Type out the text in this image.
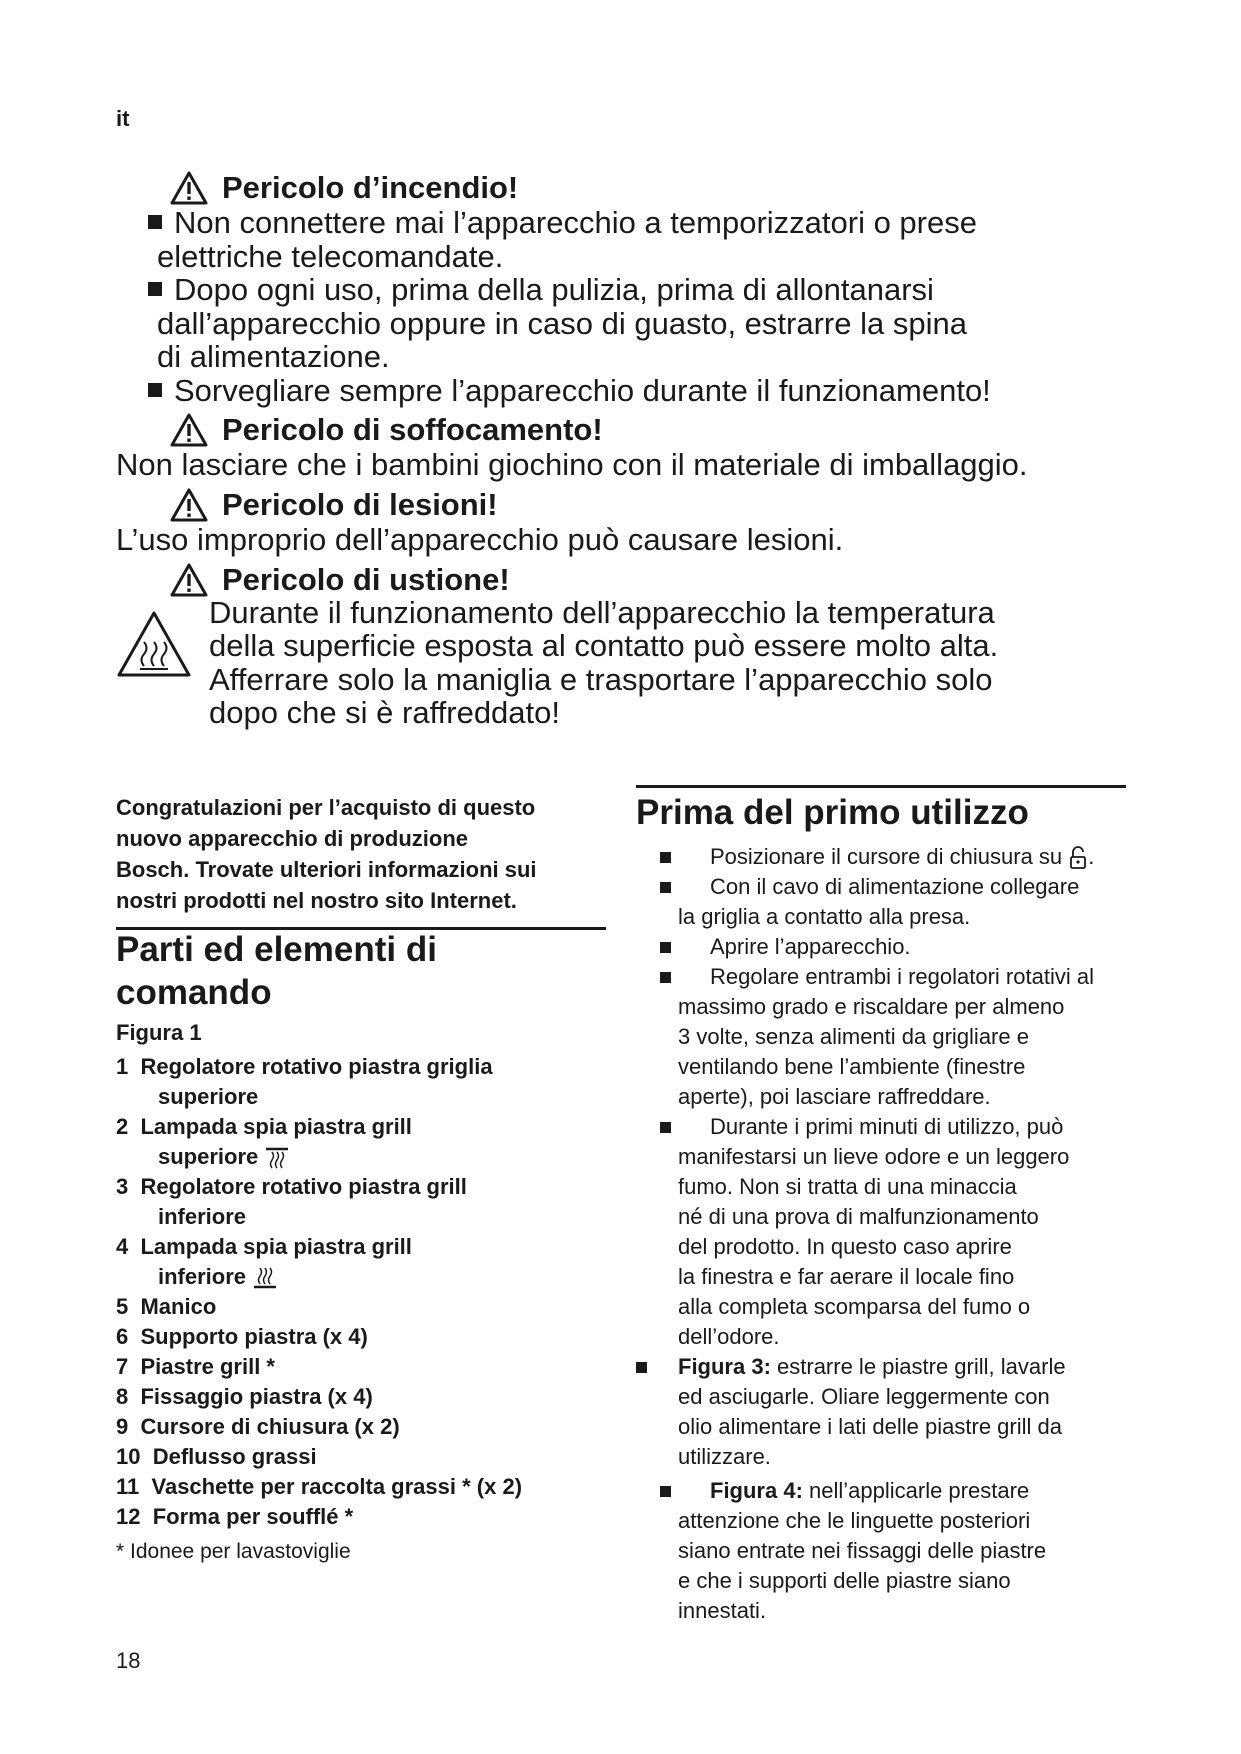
it
Pericolo d’incendio!
Non connettere mai l’apparecchio a temporizzatori o prese
elettriche telecomandate.
Dopo ogni uso, prima della pulizia, prima di allontanarsi
dall’apparecchio oppure in caso di guasto, estrarre la spina
di alimentazione.
Sorvegliare sempre l’apparecchio durante il funzionamento!
Pericolo di soffocamento!
Non lasciare che i bambini giochino con il materiale di imballaggio.
Pericolo di lesioni!
L’uso improprio dell’apparecchio può causare lesioni.
Pericolo di ustione!
Durante il funzionamento dell’apparecchio la temperatura
della superficie esposta al contatto può essere molto alta.
Afferrare solo la maniglia e trasportare l’apparecchio solo
dopo che si è raffreddato!
Congratulazioni per l’acquisto di questo
nuovo apparecchio di produzione
Bosch. Trovate ulteriori informazioni sui
nostri prodotti nel nostro sito Internet.
Parti ed elementi di
comando
Figura 1
1 Regolatore rotativo piastra griglia
superiore
2 Lampada spia piastra grill
superiore
3 Regolatore rotativo piastra grill
inferiore
4 Lampada spia piastra grill
inferiore
5 Manico
6 Supporto piastra (x 4)
7 Piastre grill *
8 Fissaggio piastra (x 4)
9 Cursore di chiusura (x 2)
10 Deflusso grassi
11 Vaschette per raccolta grassi * (x 2)
12 Forma per soufflé *
* Idonee per lavastoviglie
Prima del primo utilizzo
Posizionare il cursore di chiusura su .
Con il cavo di alimentazione collegare
la griglia a contatto alla presa.
Aprire l’apparecchio.
Regolare entrambi i regolatori rotativi al
massimo grado e riscaldare per almeno
3 volte, senza alimenti da grigliare e
ventilando bene l’ambiente (finestre
aperte), poi lasciare raffreddare.
Durante i primi minuti di utilizzo, può
manifestarsi un lieve odore e un leggero
fumo. Non si tratta di una minaccia
né di una prova di malfunzionamento
del prodotto. In questo caso aprire
la finestra e far aerare il locale fino
alla completa scomparsa del fumo o
dell’odore.
Figura 3: estrarre le piastre grill, lavarle
ed asciugarle. Oliare leggermente con
olio alimentare i lati delle piastre grill da
utilizzare.
Figura 4: nell’applicarle prestare
attenzione che le linguette posteriori
siano entrate nei fissaggi delle piastre
e che i supporti delle piastre siano
innestati.
18
